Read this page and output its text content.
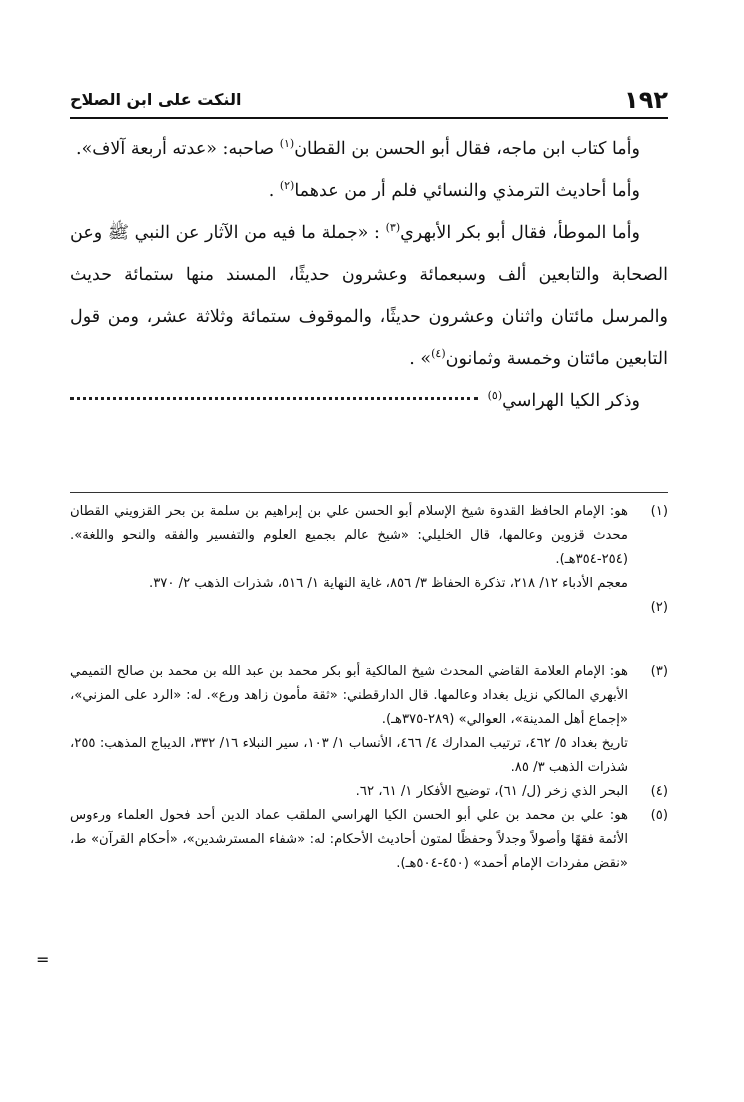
١٩٢
النكت على ابن الصلاح

وأما كتاب ابن ماجه، فقال أبو الحسن بن القطان$^{(١)}$ صاحبه: «عدته أربعة آلاف».

وأما أحاديث الترمذي والنسائي فلم أر من عدهما$^{(٢)}$ .

وأما الموطأ، فقال أبو بكر الأبهري$^{(٣)}$ : «جملة ما فيه من الآثار عن النبي ﷺ وعن الصحابة والتابعين ألف وسبعمائة وعشرون حديثًا، المسند منها ستمائة حديث والمرسل مائتان واثنان وعشرون حديثًا، والموقوف ستمائة وثلاثة عشر، ومن قول التابعين مائتان وخمسة وثمانون$^{(٤)}$» .

وذكر الكيا الهراسي$^{(٥)}$

(١)

هو: الإمام الحافظ القدوة شيخ الإسلام أبو الحسن علي بن إبراهيم بن سلمة بن بحر القزويني القطان محدث قزوين وعالمها، قال الخليلي: «شيخ عالم بجميع العلوم والتفسير والفقه والنحو واللغة». (٢٥٤-٣٥٤هـ).

معجم الأدباء ١٢/ ٢١٨، تذكرة الحفاظ ٣/ ٨٥٦، غاية النهاية ١/ ٥١٦، شذرات الذهب ٢/ ٣٧٠.

(٢)

(٣)

هو: الإمام العلامة القاضي المحدث شيخ المالكية أبو بكر محمد بن عبد الله بن محمد بن صالح التميمي الأبهري المالكي نزيل بغداد وعالمها. قال الدارقطني: «ثقة مأمون زاهد ورع». له: «الرد على المزني»، «إجماع أهل المدينة»، العوالي» (٢٨٩-٣٧٥هـ).

تاريخ بغداد ٥/ ٤٦٢، ترتيب المدارك ٤/ ٤٦٦، الأنساب ١/ ١٠٣، سير النبلاء ١٦/ ٣٣٢، الديباج المذهب: ٢٥٥، شذرات الذهب ٣/ ٨٥.

(٤)

البحر الذي زخر (ل/ ٦١)، توضيح الأفكار ١/ ٦١، ٦٢.

(٥)

هو: علي بن محمد بن علي أبو الحسن الكيا الهراسي الملقب عماد الدين أحد فحول العلماء ورءوس الأئمة فقهًا وأصولاً وجدلاً وحفظًا لمتون أحاديث الأحكام: له: «شفاء المسترشدين»، «أحكام القرآن» ط، «نقض مفردات الإمام أحمد» (٤٥٠-٥٠٤هـ).

=
